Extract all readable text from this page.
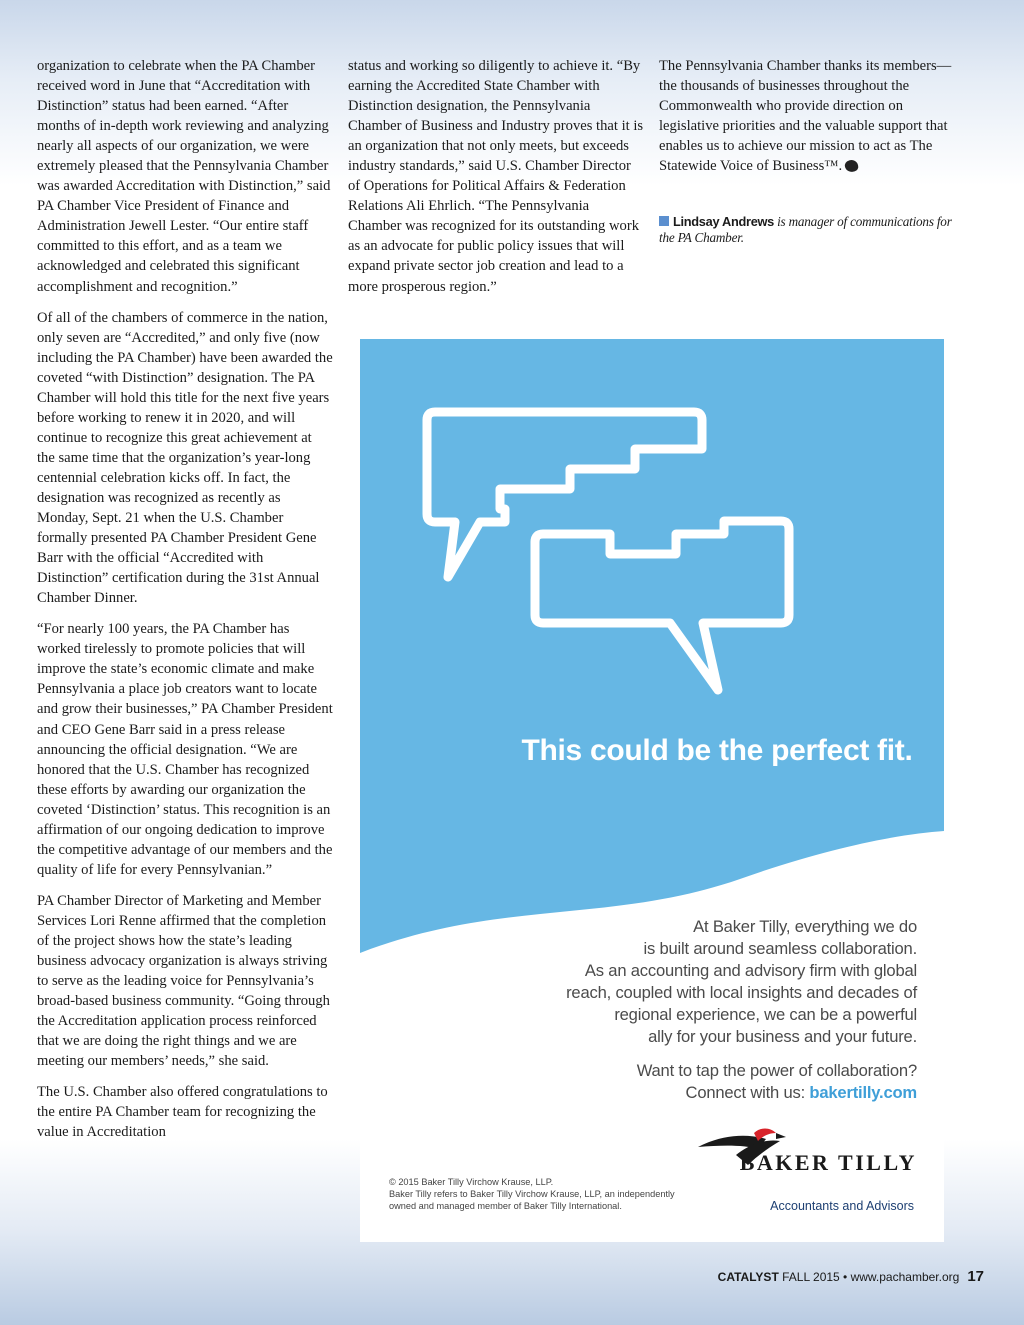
organization to celebrate when the PA Chamber received word in June that “Accreditation with Distinction” status had been earned. “After months of in-depth work reviewing and analyzing nearly all aspects of our organization, we were extremely pleased that the Pennsylvania Chamber was awarded Accreditation with Distinction,” said PA Chamber Vice President of Finance and Administration Jewell Lester. “Our entire staff committed to this effort, and as a team we acknowledged and celebrated this significant accomplishment and recognition.”

Of all of the chambers of commerce in the nation, only seven are “Accredited,” and only five (now including the PA Chamber) have been awarded the coveted “with Distinction” designation. The PA Chamber will hold this title for the next five years before working to renew it in 2020, and will continue to recognize this great achievement at the same time that the organization’s year-long centennial celebration kicks off. In fact, the designation was recognized as recently as Monday, Sept. 21 when the U.S. Chamber formally presented PA Chamber President Gene Barr with the official “Accredited with Distinction” certification during the 31st Annual Chamber Dinner.

“For nearly 100 years, the PA Chamber has worked tirelessly to promote policies that will improve the state’s economic climate and make Pennsylvania a place job creators want to locate and grow their businesses,” PA Chamber President and CEO Gene Barr said in a press release announcing the official designation. “We are honored that the U.S. Chamber has recognized these efforts by awarding our organization the coveted ‘Distinction’ status. This recognition is an affirmation of our ongoing dedication to improve the competitive advantage of our members and the quality of life for every Pennsylvanian.”

PA Chamber Director of Marketing and Member Services Lori Renne affirmed that the completion of the project shows how the state’s leading business advocacy organization is always striving to serve as the leading voice for Pennsylvania’s broad-based business community. “Going through the Accreditation application process reinforced that we are doing the right things and we are meeting our members’ needs,” she said.

The U.S. Chamber also offered congratulations to the entire PA Chamber team for recognizing the value in Accreditation

status and working so diligently to achieve it. “By earning the Accredited State Chamber with Distinction designation, the Pennsylvania Chamber of Business and Industry proves that it is an organization that not only meets, but exceeds industry standards,” said U.S. Chamber Director of Operations for Political Affairs & Federation Relations Ali Ehrlich. “The Pennsylvania Chamber was recognized for its outstanding work as an advocate for public policy issues that will expand private sector job creation and lead to a more prosperous region.”

The Pennsylvania Chamber thanks its members—the thousands of businesses throughout the Commonwealth who provide direction on legislative priorities and the valuable support that enables us to achieve our mission to act as The Statewide Voice of Business™.

Lindsay Andrews is manager of communications for the PA Chamber.
This could be the perfect fit.
At Baker Tilly, everything we do
is built around seamless collaboration.
As an accounting and advisory firm with global
reach, coupled with local insights and decades of
regional experience, we can be a powerful
ally for your business and your future.
Want to tap the power of collaboration?
Connect with us: bakertilly.com
BAKER TILLY
© 2015 Baker Tilly Virchow Krause, LLP.
Baker Tilly refers to Baker Tilly Virchow Krause, LLP, an independently owned and managed member of Baker Tilly International.	Accountants and Advisors
CATALYST FALL 2015 • www.pachamber.org 17
